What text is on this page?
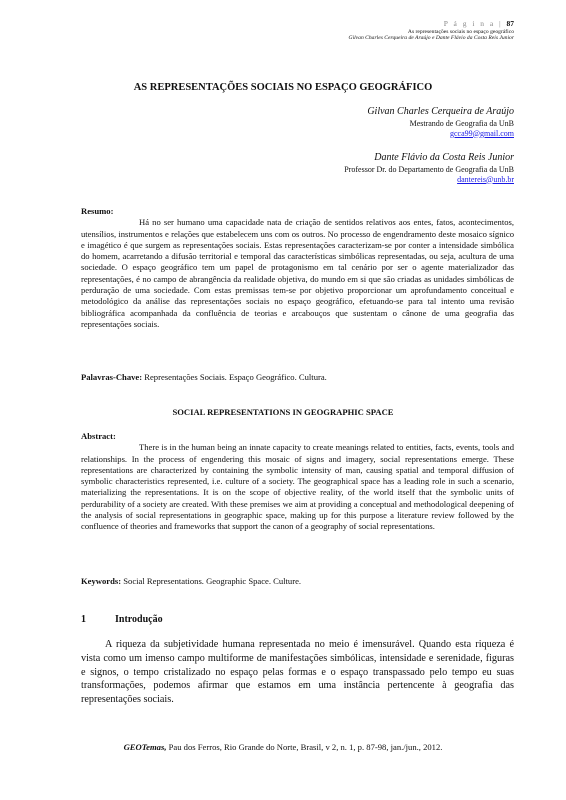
P á g i n a | 87
As representações sociais no espaço geográfico
Gilvan Charles Cerqueira de Araújo e Dante Flávio da Costa Reis Junior
AS REPRESENTAÇÕES SOCIAIS NO ESPAÇO GEOGRÁFICO
Gilvan Charles Cerqueira de Araújo
Mestrando de Geografia da UnB
gcca99@gmail.com
Dante Flávio da Costa Reis Junior
Professor Dr. do Departamento de Geografia da UnB
dantereis@unb.br
Resumo:
Há no ser humano uma capacidade nata de criação de sentidos relativos aos entes, fatos, acontecimentos, utensílios, instrumentos e relações que estabelecem uns com os outros. No processo de engendramento deste mosaico sígnico e imagético é que surgem as representações sociais. Estas representações caracterizam-se por conter a intensidade simbólica do homem, acarretando a difusão territorial e temporal das características simbólicas representadas, ou seja, acultura de uma sociedade. O espaço geográfico tem um papel de protagonismo em tal cenário por ser o agente materializador das representações, é no campo de abrangência da realidade objetiva, do mundo em si que são criadas as unidades simbólicas de perduração de uma sociedade. Com estas premissas tem-se por objetivo proporcionar um aprofundamento conceitual e metodológico da análise das representações sociais no espaço geográfico, efetuando-se para tal intento uma revisão bibliográfica acompanhada da confluência de teorias e arcabouços que sustentam o cânone de uma geografia das representações sociais.
Palavras-Chave: Representações Sociais. Espaço Geográfico. Cultura.
SOCIAL REPRESENTATIONS IN GEOGRAPHIC SPACE
Abstract:
There is in the human being an innate capacity to create meanings related to entities, facts, events, tools and relationships. In the process of engendering this mosaic of signs and imagery, social representations emerge. These representations are characterized by containing the symbolic intensity of man, causing spatial and temporal diffusion of symbolic characteristics represented, i.e. culture of a society. The geographical space has a leading role in such a scenario, materializing the representations. It is on the scope of objective reality, of the world itself that the symbolic units of perdurability of a society are created. With these premises we aim at providing a conceptual and methodological deepening of the analysis of social representations in geographic space, making up for this purpose a literature review followed by the confluence of theories and frameworks that support the canon of a geography of social representations.
Keywords: Social Representations. Geographic Space. Culture.
1	Introdução
A riqueza da subjetividade humana representada no meio é imensurável. Quando esta riqueza é vista como um imenso campo multiforme de manifestações simbólicas, intensidade e serenidade, figuras e signos, o tempo cristalizado no espaço pelas formas e o espaço transpassado pelo tempo eu suas transformações, podemos afirmar que estamos em uma instância pertencente à geografia das representações sociais.
GEOTemas, Pau dos Ferros, Rio Grande do Norte, Brasil, v 2, n. 1, p. 87-98, jan./jun., 2012.
